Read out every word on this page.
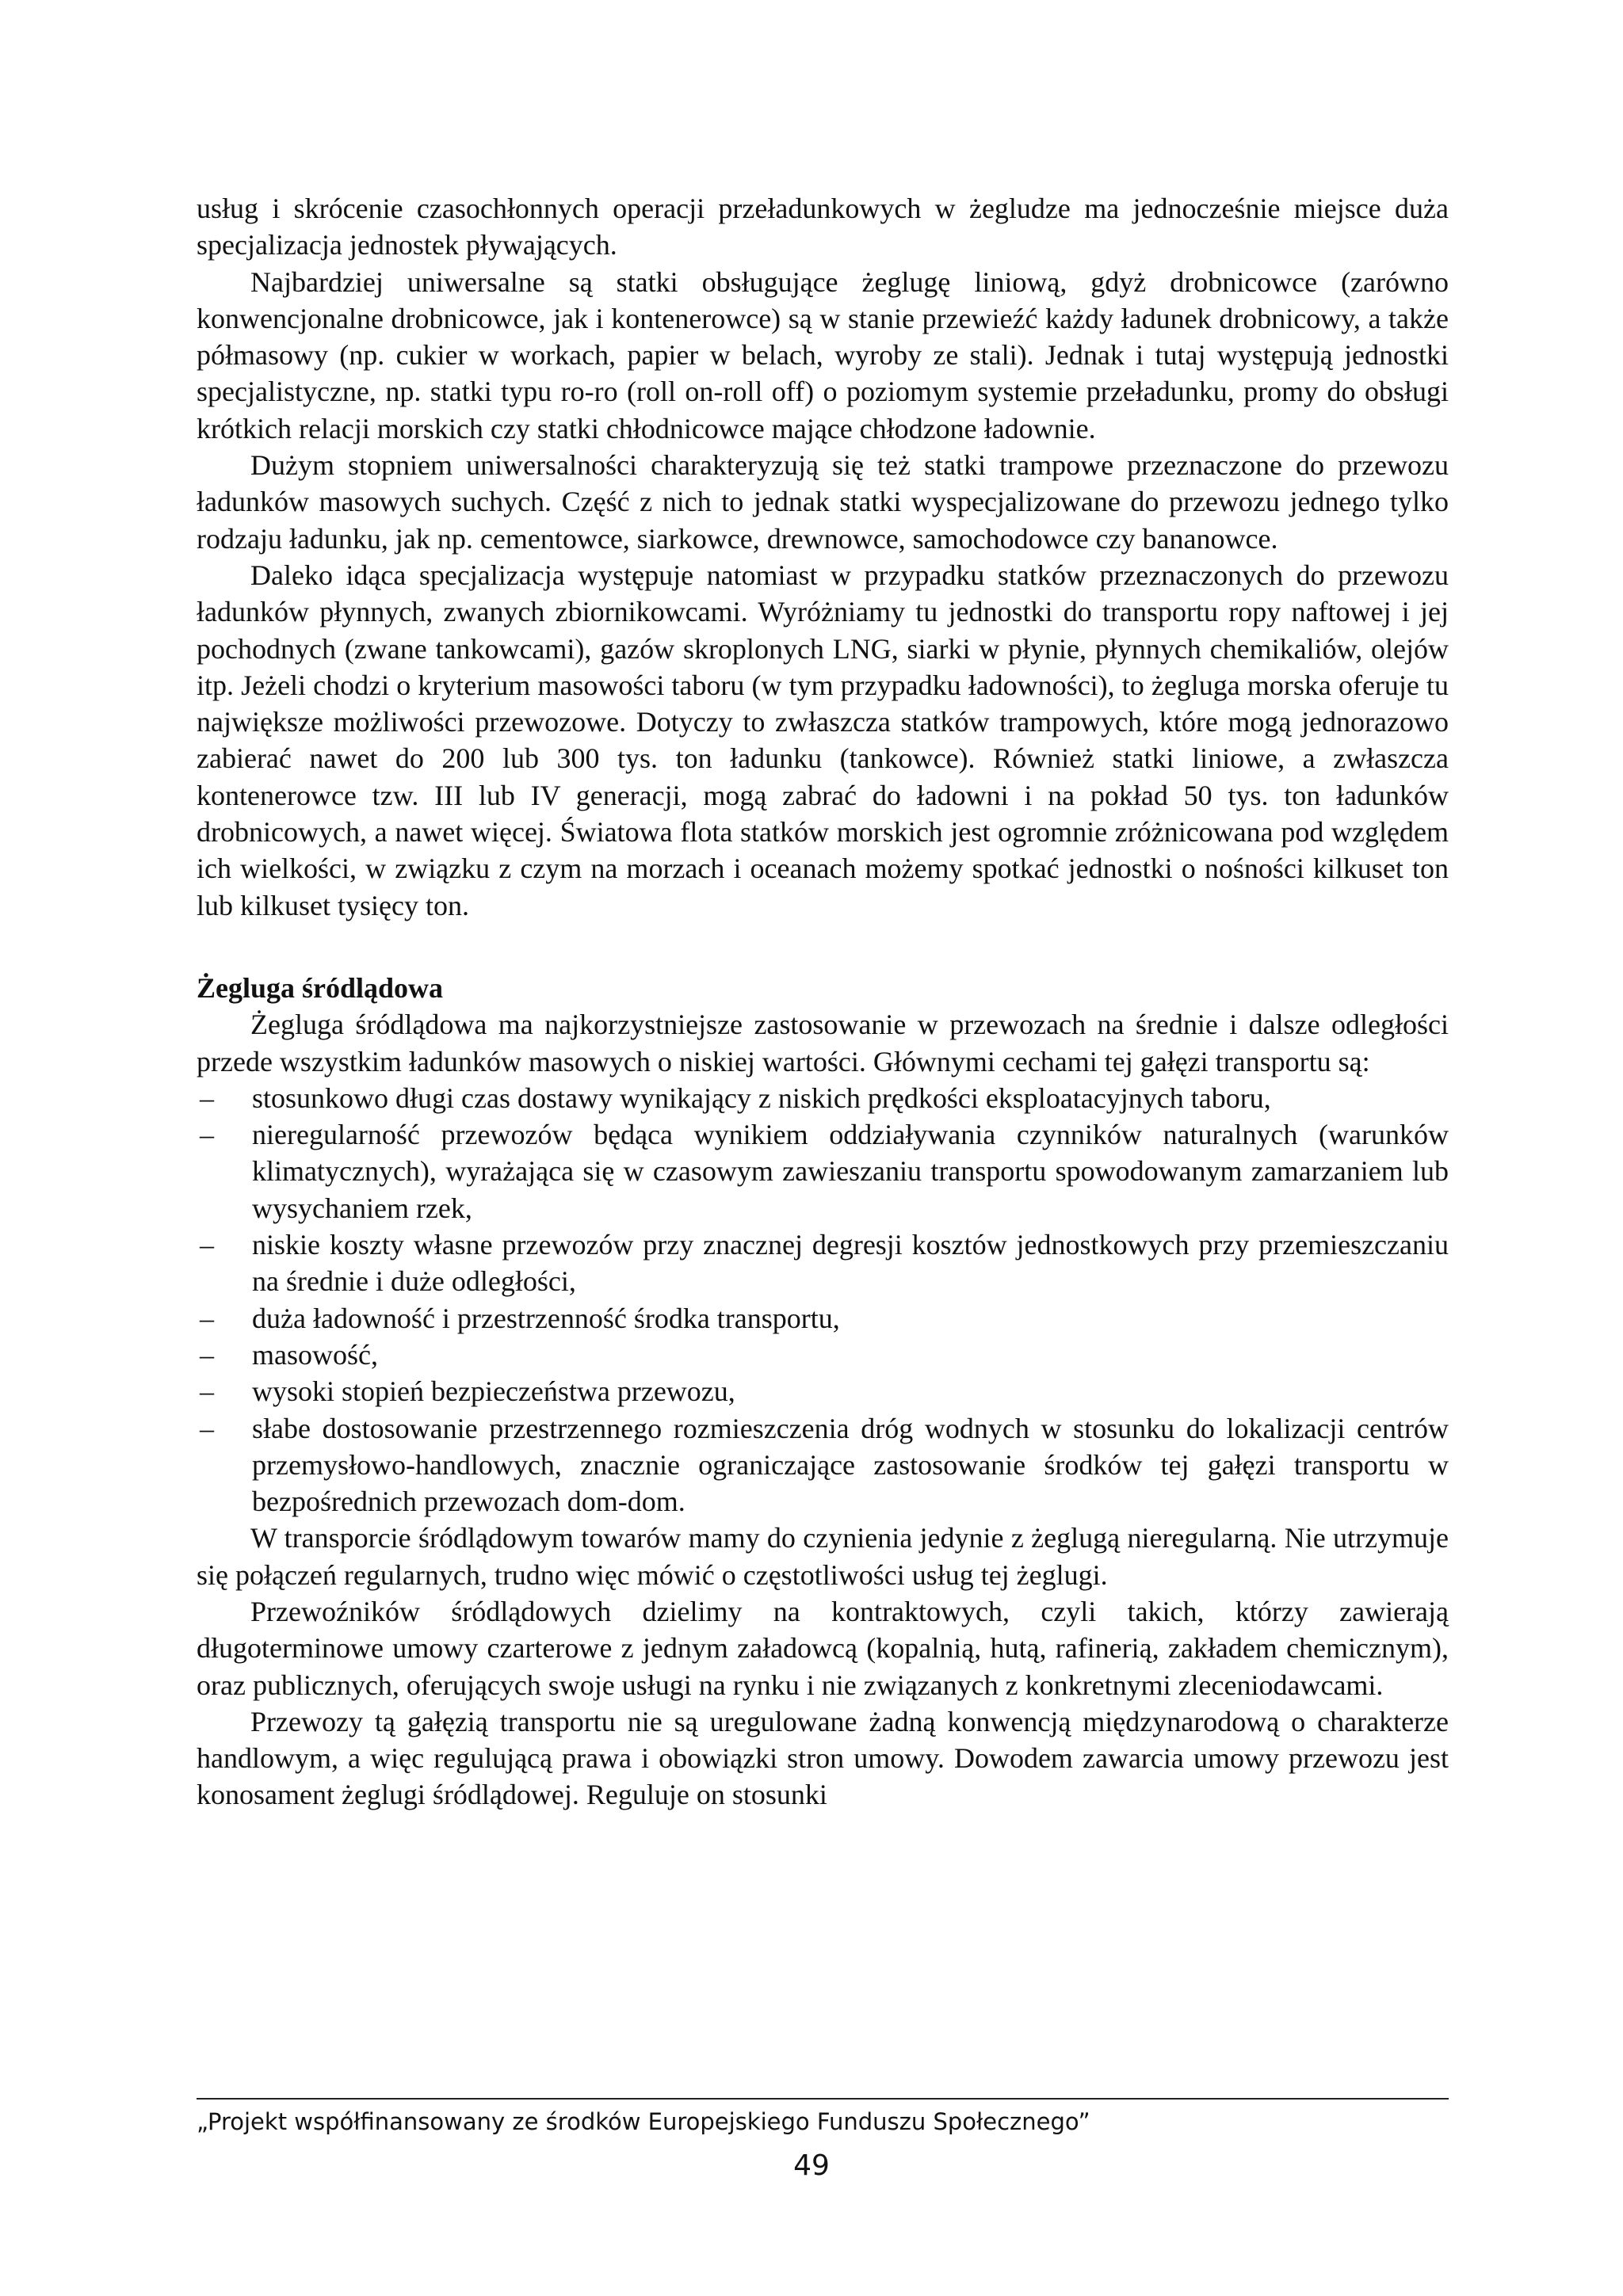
usług i skrócenie czasochłonnych operacji przeładunkowych w żegludze ma jednocześnie miejsce duża specjalizacja jednostek pływających.

Najbardziej uniwersalne są statki obsługujące żeglugę liniową, gdyż drobnicowce (zarówno konwencjonalne drobnicowce, jak i kontenerowce) są w stanie przewieźć każdy ładunek drobnicowy, a także półmasowy (np. cukier w workach, papier w belach, wyroby ze stali). Jednak i tutaj występują jednostki specjalistyczne, np. statki typu ro-ro (roll on-roll off) o poziomym systemie przeładunku, promy do obsługi krótkich relacji morskich czy statki chłodnicowce mające chłodzone ładownie.

Dużym stopniem uniwersalności charakteryzują się też statki trampowe przeznaczone do przewozu ładunków masowych suchych. Część z nich to jednak statki wyspecjalizowane do przewozu jednego tylko rodzaju ładunku, jak np. cementowce, siarkowce, drewnowce, samochodowce czy bananowce.

Daleko idąca specjalizacja występuje natomiast w przypadku statków przeznaczonych do przewozu ładunków płynnych, zwanych zbiornikowcami. Wyróżniamy tu jednostki do transportu ropy naftowej i jej pochodnych (zwane tankowcami), gazów skroplonych LNG, siarki w płynie, płynnych chemikaliów, olejów itp. Jeżeli chodzi o kryterium masowości taboru (w tym przypadku ładowności), to żegluga morska oferuje tu największe możliwości przewozowe. Dotyczy to zwłaszcza statków trampowych, które mogą jednorazowo zabierać nawet do 200 lub 300 tys. ton ładunku (tankowce). Również statki liniowe, a zwłaszcza kontenerowce tzw. III lub IV generacji, mogą zabrać do ładowni i na pokład 50 tys. ton ładunków drobnicowych, a nawet więcej. Światowa flota statków morskich jest ogromnie zróżnicowana pod względem ich wielkości, w związku z czym na morzach i oceanach możemy spotkać jednostki o nośności kilkuset ton lub kilkuset tysięcy ton.

Żegluga śródlądowa

Żegluga śródlądowa ma najkorzystniejsze zastosowanie w przewozach na średnie i dalsze odległości przede wszystkim ładunków masowych o niskiej wartości. Głównymi cechami tej gałęzi transportu są:

– stosunkowo długi czas dostawy wynikający z niskich prędkości eksploatacyjnych taboru,
– nieregularność przewozów będąca wynikiem oddziaływania czynników naturalnych (warunków klimatycznych), wyrażająca się w czasowym zawieszaniu transportu spowodowanym zamarzaniem lub wysychaniem rzek,
– niskie koszty własne przewozów przy znacznej degresji kosztów jednostkowych przy przemieszczaniu na średnie i duże odległości,
– duża ładowność i przestrzenność środka transportu,
– masowość,
– wysoki stopień bezpieczeństwa przewozu,
– słabe dostosowanie przestrzennego rozmieszczenia dróg wodnych w stosunku do lokalizacji centrów przemysłowo-handlowych, znacznie ograniczające zastosowanie środków tej gałęzi transportu w bezpośrednich przewozach dom-dom.

W transporcie śródlądowym towarów mamy do czynienia jedynie z żeglugą nieregularną. Nie utrzymuje się połączeń regularnych, trudno więc mówić o częstotliwości usług tej żeglugi.

Przewoźników śródlądowych dzielimy na kontraktowych, czyli takich, którzy zawierają długoterminowe umowy czarterowe z jednym załadowcą (kopalnią, hutą, rafinerią, zakładem chemicznym), oraz publicznych, oferujących swoje usługi na rynku i nie związanych z konkretnymi zleceniodawcami.

Przewozy tą gałęzią transportu nie są uregulowane żadną konwencją międzynarodową o charakterze handlowym, a więc regulującą prawa i obowiązki stron umowy. Dowodem zawarcia umowy przewozu jest konosament żeglugi śródlądowej. Reguluje on stosunki

„Projekt współfinansowany ze środków Europejskiego Funduszu Społecznego”
49
